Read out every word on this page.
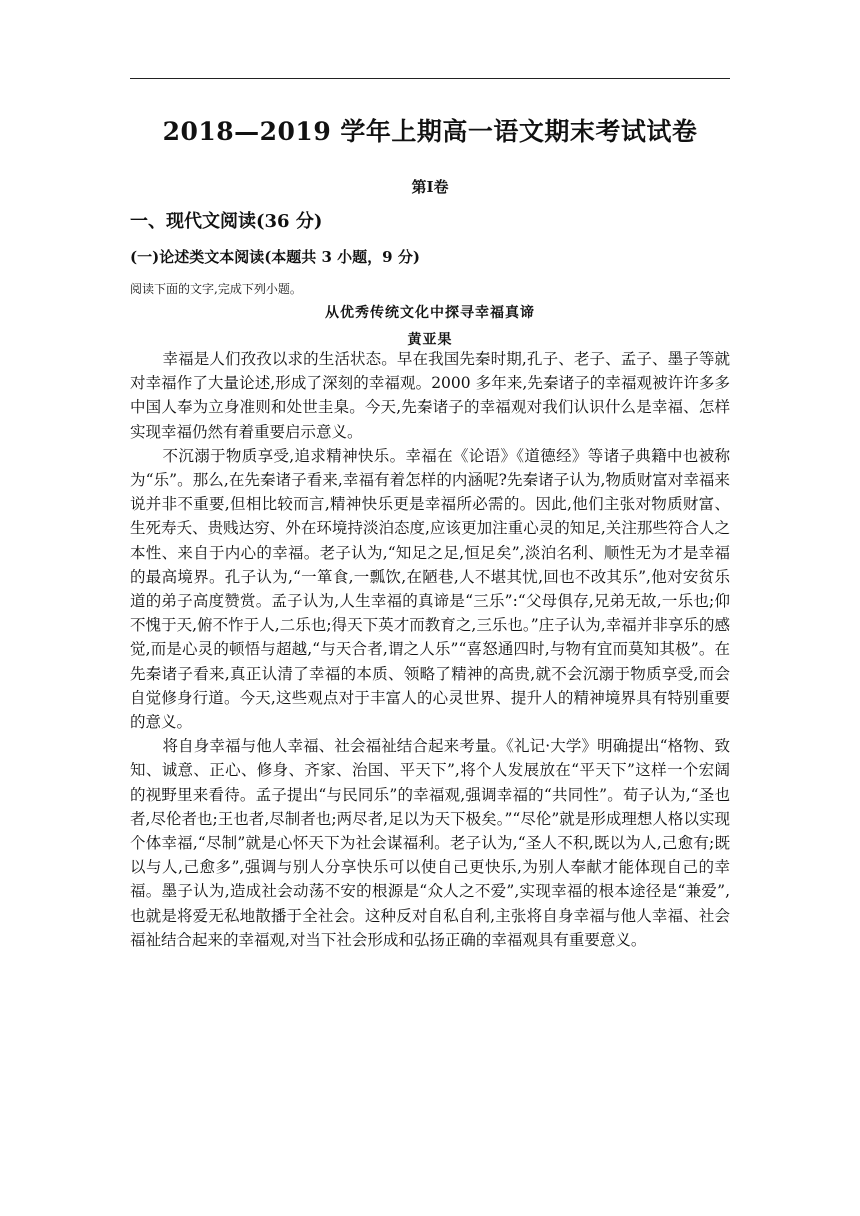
2018—2019 学年上期高一语文期末考试试卷
第Ⅰ卷
一、现代文阅读(36 分)
(一)论述类文本阅读(本题共 3 小题，9 分)
阅读下面的文字,完成下列小题。
从优秀传统文化中探寻幸福真谛
黄亚果

幸福是人们孜孜以求的生活状态。早在我国先秦时期,孔子、老子、孟子、墨子等就对幸福作了大量论述,形成了深刻的幸福观。2000 多年来,先秦诸子的幸福观被许许多多中国人奉为立身准则和处世圭臬。今天,先秦诸子的幸福观对我们认识什么是幸福、怎样实现幸福仍然有着重要启示意义。

不沉溺于物质享受,追求精神快乐。幸福在《论语》《道德经》等诸子典籍中也被称为“乐”。那么,在先秦诸子看来,幸福有着怎样的内涵呢?先秦诸子认为,物质财富对幸福来说并非不重要,但相比较而言,精神快乐更是幸福所必需的。因此,他们主张对物质财富、生死寿夭、贵贱达穷、外在环境持淡泊态度,应该更加注重心灵的知足,关注那些符合人之本性、来自于内心的幸福。老子认为,“知足之足,恒足矣”,淡泊名利、顺性无为才是幸福的最高境界。孔子认为,“一箪食,一瓢饮,在陋巷,人不堪其忧,回也不改其乐”,他对安贫乐道的弟子高度赞赏。孟子认为,人生幸福的真谛是“三乐”:“父母俱存,兄弟无故,一乐也;仰不愧于天,俯不怍于人,二乐也;得天下英才而教育之,三乐也。”庄子认为,幸福并非享乐的感觉,而是心灵的顿悟与超越,“与天合者,谓之人乐”“喜怒通四时,与物有宜而莫知其极”。在先秦诸子看来,真正认清了幸福的本质、领略了精神的高贵,就不会沉溺于物质享受,而会自觉修身行道。今天,这些观点对于丰富人的心灵世界、提升人的精神境界具有特别重要的意义。

将自身幸福与他人幸福、社会福祉结合起来考量。《礼记·大学》明确提出“格物、致知、诚意、正心、修身、齐家、治国、平天下”,将个人发展放在“平天下”这样一个宏阔的视野里来看待。孟子提出“与民同乐”的幸福观,强调幸福的“共同性”。荀子认为,“圣也者,尽伦者也;王也者,尽制者也;两尽者,足以为天下极矣。”“尽伦”就是形成理想人格以实现个体幸福,“尽制”就是心怀天下为社会谋福利。老子认为,“圣人不积,既以为人,己愈有;既以与人,己愈多”,强调与别人分享快乐可以使自己更快乐,为别人奉献才能体现自己的幸福。墨子认为,造成社会动荡不安的根源是“众人之不爱”,实现幸福的根本途径是“兼爱”,也就是将爱无私地散播于全社会。这种反对自私自利,主张将自身幸福与他人幸福、社会福祉结合起来的幸福观,对当下社会形成和弘扬正确的幸福观具有重要意义。
